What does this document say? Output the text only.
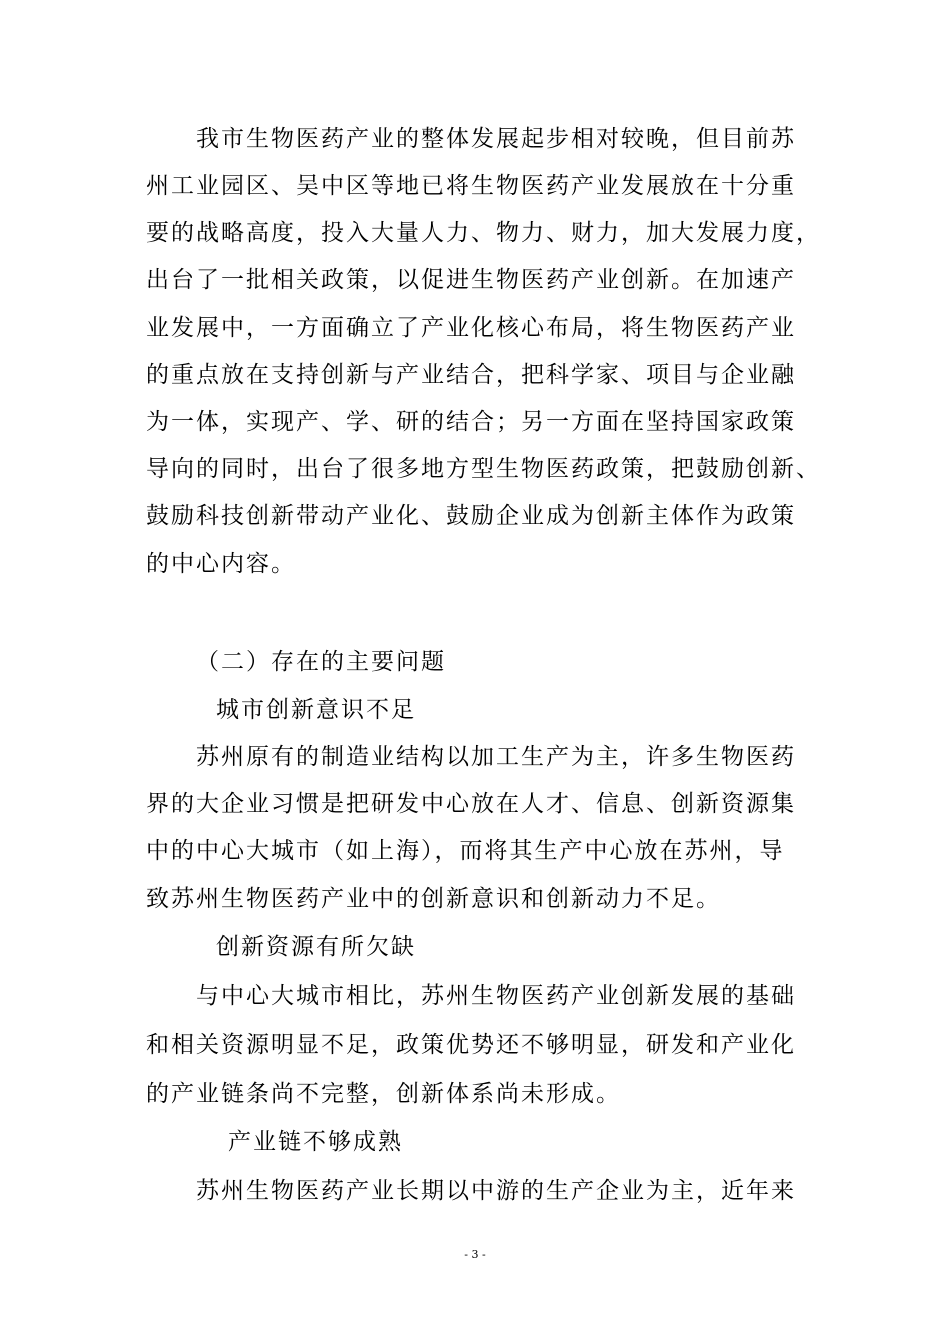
我市生物医药产业的整体发展起步相对较晚，但目前苏
州工业园区、吴中区等地已将生物医药产业发展放在十分重
要的战略高度，投入大量人力、物力、财力，加大发展力度，
出台了一批相关政策，以促进生物医药产业创新。在加速产
业发展中，一方面确立了产业化核心布局，将生物医药产业
的重点放在支持创新与产业结合，把科学家、项目与企业融
为一体，实现产、学、研的结合；另一方面在坚持国家政策
导向的同时，出台了很多地方型生物医药政策，把鼓励创新、
鼓励科技创新带动产业化、鼓励企业成为创新主体作为政策
的中心内容。
（二）存在的主要问题
城市创新意识不足
苏州原有的制造业结构以加工生产为主，许多生物医药
界的大企业习惯是把研发中心放在人才、信息、创新资源集
中的中心大城市（如上海），而将其生产中心放在苏州，导
致苏州生物医药产业中的创新意识和创新动力不足。
创新资源有所欠缺
与中心大城市相比，苏州生物医药产业创新发展的基础
和相关资源明显不足，政策优势还不够明显，研发和产业化
的产业链条尚不完整，创新体系尚未形成。
产业链不够成熟
苏州生物医药产业长期以中游的生产企业为主，近年来
- 3 -
